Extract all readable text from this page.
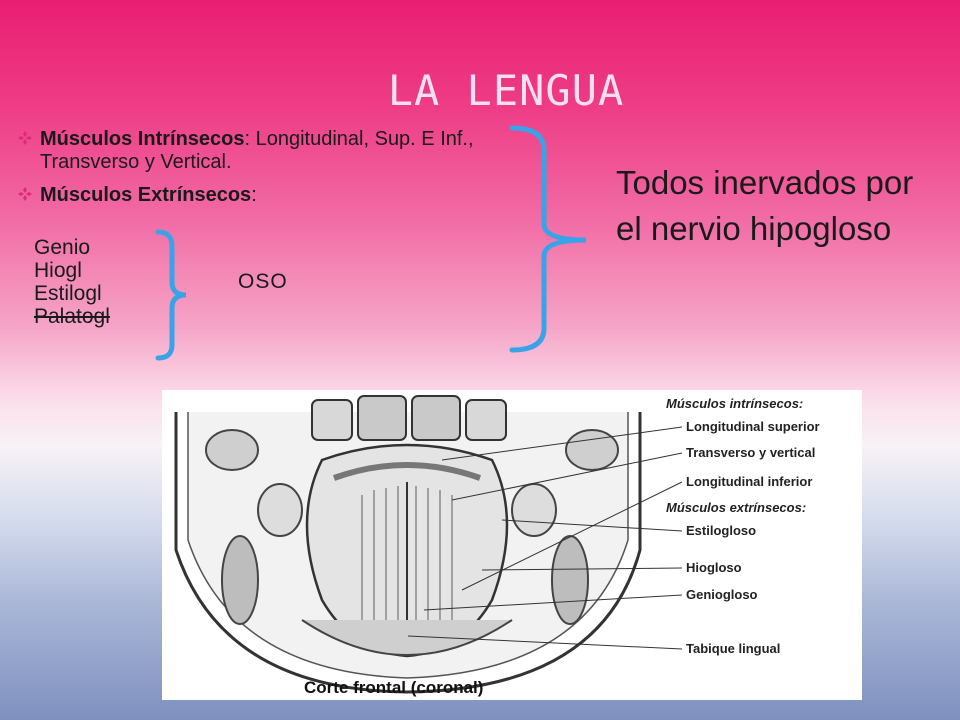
LA LENGUA
Músculos Intrínsecos: Longitudinal, Sup. E Inf., Transverso y Vertical.
Músculos Extrínsecos:
Genio
Hiogl
Estilogl
Palatogl
OSO
Todos inervados por el nervio hipogloso
Músculos intrínsecos:
Longitudinal superior
Transverso y vertical
Longitudinal inferior
Músculos extrínsecos:
Estilogloso
Hiogloso
Geniogloso
Tabique lingual
Corte frontal (coronal)
